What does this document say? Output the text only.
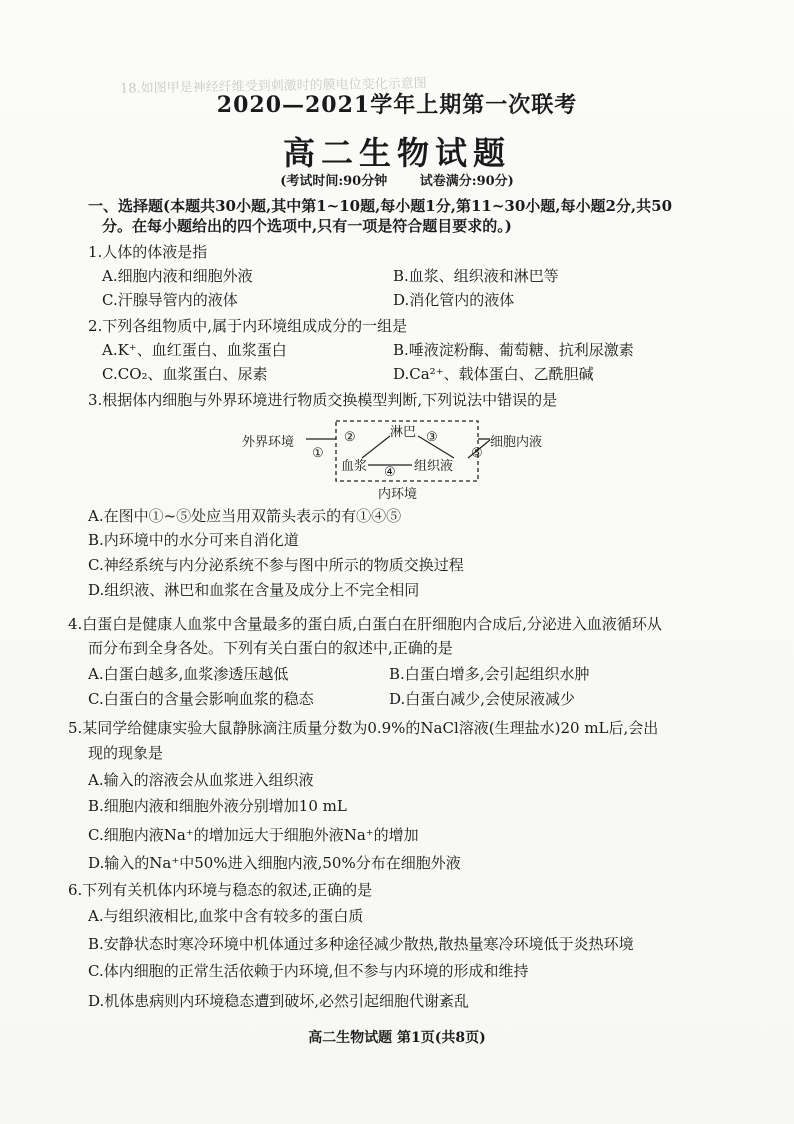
18.如图甲是神经纤维受到刺激时的膜电位变化示意图
2020—2021学年上期第一次联考
高二生物试题
(考试时间:90分钟	试卷满分:90分)
一、选择题(本题共30小题,其中第1~10题,每小题1分,第11~30小题,每小题2分,共50
分。在每小题给出的四个选项中,只有一项是符合题目要求的。)
1.人体的体液是指
A.细胞内液和细胞外液	B.血浆、组织液和淋巴等
C.汗腺导管内的液体	D.消化管内的液体
2.下列各组物质中,属于内环境组成成分的一组是
A.K⁺、血红蛋白、血浆蛋白	B.唾液淀粉酶、葡萄糖、抗利尿激素
C.CO₂、血浆蛋白、尿素	D.Ca²⁺、载体蛋白、乙酰胆碱
3.根据体内细胞与外界环境进行物质交换模型判断,下列说法中错误的是
外界环境
①
②	淋巴 ③	细胞内液
血浆	组织液
⑤
④
内环境
A.在图中①~⑤处应当用双箭头表示的有①④⑤
B.内环境中的水分可来自消化道
C.神经系统与内分泌系统不参与图中所示的物质交换过程
D.组织液、淋巴和血浆在含量及成分上不完全相同
4.白蛋白是健康人血浆中含量最多的蛋白质,白蛋白在肝细胞内合成后,分泌进入血液循环从
而分布到全身各处。下列有关白蛋白的叙述中,正确的是
A.白蛋白越多,血浆渗透压越低	B.白蛋白增多,会引起组织水肿
C.白蛋白的含量会影响血浆的稳态	D.白蛋白减少,会使尿液减少
5.某同学给健康实验大鼠静脉滴注质量分数为0.9%的NaCl溶液(生理盐水)20 mL后,会出
现的现象是
A.输入的溶液会从血浆进入组织液
B.细胞内液和细胞外液分别增加10 mL
C.细胞内液Na⁺的增加远大于细胞外液Na⁺的增加
D.输入的Na⁺中50%进入细胞内液,50%分布在细胞外液
6.下列有关机体内环境与稳态的叙述,正确的是
A.与组织液相比,血浆中含有较多的蛋白质
B.安静状态时寒冷环境中机体通过多种途径减少散热,散热量寒冷环境低于炎热环境
C.体内细胞的正常生活依赖于内环境,但不参与内环境的形成和维持
D.机体患病则内环境稳态遭到破坏,必然引起细胞代谢紊乱
高二生物试题 第1页(共8页)
